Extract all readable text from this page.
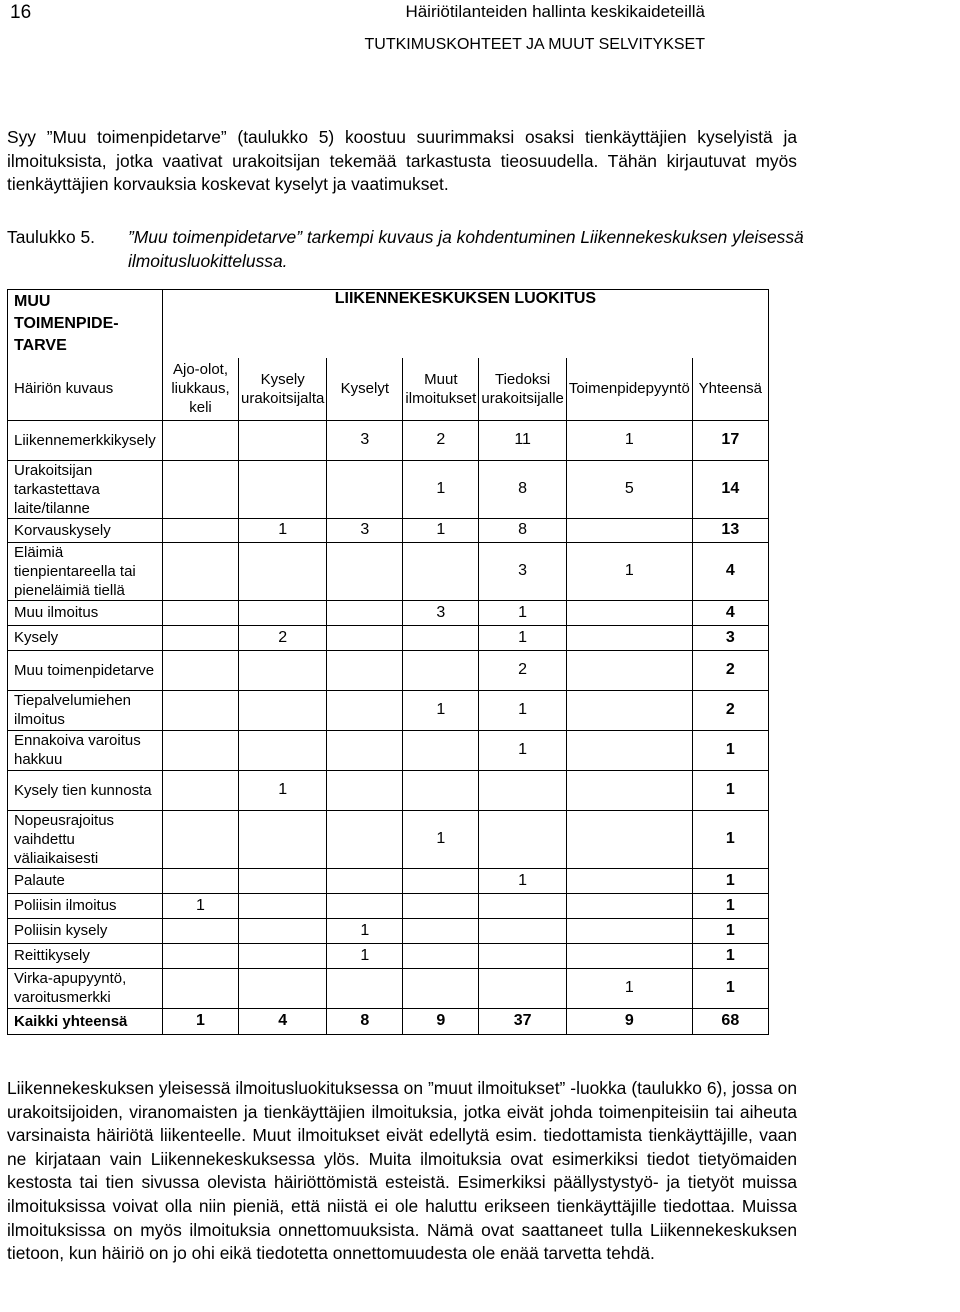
16	Häiriötilanteiden hallinta keskikaideteillä
TUTKIMUSKOHTEET JA MUUT SELVITYKSET
Syy ”Muu toimenpidetarve” (taulukko 5) koostuu suurimmaksi osaksi tienkäyttäjien kyselyistä ja ilmoituksista, jotka vaativat urakoitsijan tekemää tarkastusta tieosuudella. Tähän kirjautuvat myös tienkäyttäjien korvauksia koskevat kyselyt ja vaatimukset.
Taulukko 5. ”Muu toimenpidetarve” tarkempi kuvaus ja kohdentuminen Liikennekeskuksen yleisessä ilmoitusluokittelussa.
MUU TOIMENPIDE-TARVE	LIIKENNEKESKUKSEN LUOKITUS						
Häiriön kuvaus	Ajo-olot, liukkaus, keli	Kysely urakoitsijalta	Kyselyt	Muut ilmoitukset	Tiedoksi urakoitsijalle	Toimenpidepyyntö	Yhteensä
Liikennemerkkikysely			3	2	11	1	17
Urakoitsijan tarkastettava laite/tilanne				1	8	5	14
Korvauskysely		1	3	1	8		13
Eläimiä tienpientareella tai pieneläimiä tiellä					3	1	4
Muu ilmoitus				3	1		4
Kysely		2			1		3
Muu toimenpidetarve					2		2
Tiepalvelumiehen ilmoitus				1	1		2
Ennakoiva varoitus hakkuu					1		1
Kysely tien kunnosta		1					1
Nopeusrajoitus vaihdettu väliaikaisesti				1			1
Palaute					1		1
Poliisin ilmoitus	1						1
Poliisin kysely			1				1
Reittikysely			1				1
Virka-apupyyntö, varoitusmerkki						1	1
Kaikki yhteensä	1	4	8	9	37	9	68
Liikennekeskuksen yleisessä ilmoitusluokituksessa on ”muut ilmoitukset” -luokka (taulukko 6), jossa on urakoitsijoiden, viranomaisten ja tienkäyttäjien ilmoituksia, jotka eivät johda toimenpiteisiin tai aiheuta varsinaista häiriötä liikenteelle. Muut ilmoitukset eivät edellytä esim. tiedottamista tienkäyttäjille, vaan ne kirjataan vain Liikennekeskuksessa ylös. Muita ilmoituksia ovat esimerkiksi tiedot tietyömaiden kestosta tai tien sivussa olevista häiriöttömistä esteistä. Esimerkiksi päällystystyö- ja tietyöt muissa ilmoituksissa voivat olla niin pieniä, että niistä ei ole haluttu erikseen tienkäyttäjille tiedottaa. Muissa ilmoituksissa on myös ilmoituksia onnettomuuksista. Nämä ovat saattaneet tulla Liikennekeskuksen tietoon, kun häiriö on jo ohi eikä tiedotetta onnettomuudesta ole enää tarvetta tehdä.
